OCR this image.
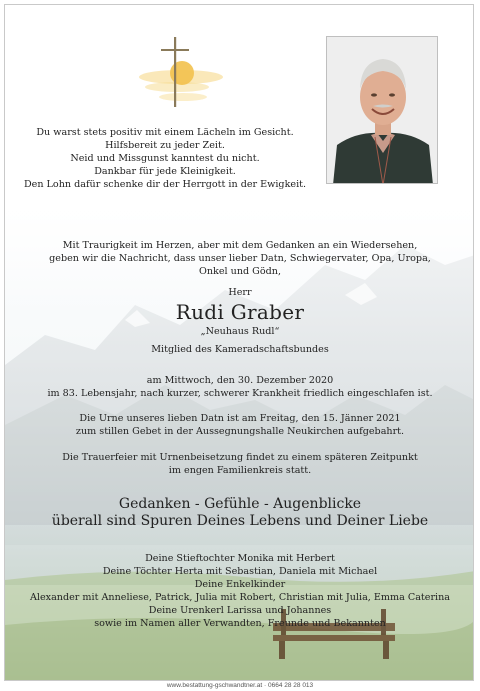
Du warst stets positiv mit einem Lächeln im Gesicht.
Hilfsbereit zu jeder Zeit.
Neid und Missgunst kanntest du nicht.
Dankbar für jede Kleinigkeit.
Den Lohn dafür schenke dir der Herrgott in der Ewigkeit.
Mit Traurigkeit im Herzen, aber mit dem Gedanken an ein Wiedersehen,
geben wir die Nachricht, dass unser lieber Datn, Schwiegervater, Opa, Uropa,
Onkel und Gödn,
Herr
Rudi Graber
„Neuhaus Rudl“
Mitglied des Kameradschaftsbundes
am Mittwoch, den 30. Dezember 2020
im 83. Lebensjahr, nach kurzer, schwerer Krankheit friedlich eingeschlafen ist.
Die Urne unseres lieben Datn ist am Freitag, den 15. Jänner 2021
zum stillen Gebet in der Aussegnungshalle Neukirchen aufgebahrt.
Die Trauerfeier mit Urnenbeisetzung findet zu einem späteren Zeitpunkt
im engen Familienkreis statt.
Gedanken - Gefühle - Augenblicke
überall sind Spuren Deines Lebens und Deiner Liebe
Deine Stieftochter Monika mit Herbert
Deine Töchter Herta mit Sebastian, Daniela mit Michael
Deine Enkelkinder
Alexander mit Anneliese, Patrick, Julia mit Robert, Christian mit Julia, Emma Caterina
Deine Urenkerl Larissa und Johannes
sowie im Namen aller Verwandten, Freunde und Bekannten
www.bestattung-gschwandtner.at · 0664 28 28 013
